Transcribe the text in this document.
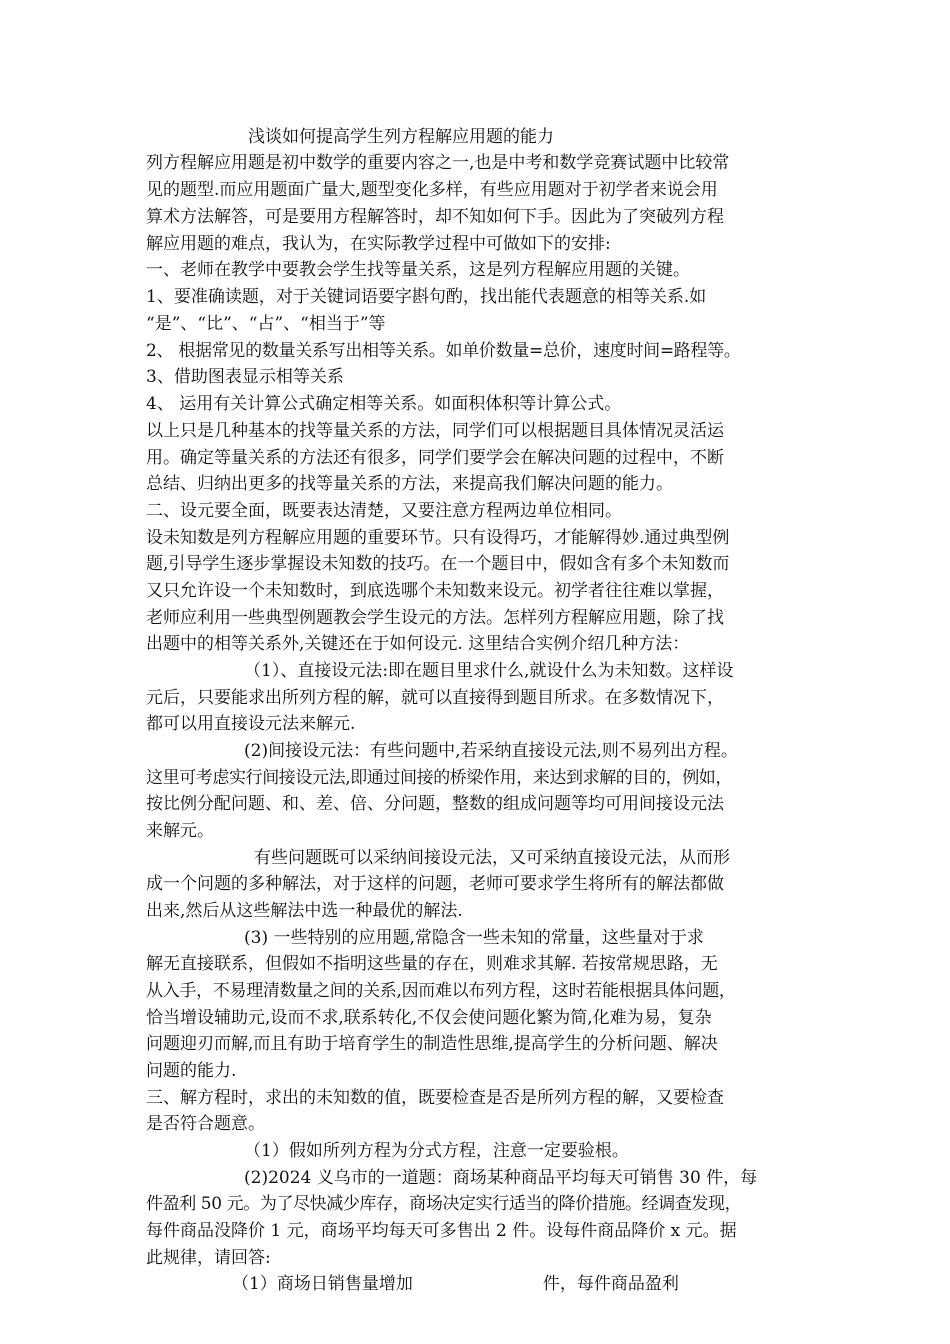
浅谈如何提高学生列方程解应用题的能力
列方程解应用题是初中数学的重要内容之一,也是中考和数学竞赛试题中比较常
见的题型.而应用题面广量大,题型变化多样，有些应用题对于初学者来说会用
算术方法解答，可是要用方程解答时，却不知如何下手。因此为了突破列方程
解应用题的难点，我认为，在实际教学过程中可做如下的安排:
一、老师在教学中要教会学生找等量关系，这是列方程解应用题的关键。
1、要准确读题，对于关键词语要字斟句酌，找出能代表题意的相等关系.如
“是”、“比”、“占”、“相当于”等
2、 根据常见的数量关系写出相等关系。如单价数量=总价，速度时间=路程等。
3、借助图表显示相等关系
4、 运用有关计算公式确定相等关系。如面积体积等计算公式。
以上只是几种基本的找等量关系的方法，同学们可以根据题目具体情况灵活运
用。确定等量关系的方法还有很多，同学们要学会在解决问题的过程中，不断
总结、归纳出更多的找等量关系的方法，来提高我们解决问题的能力。
二、设元要全面，既要表达清楚，又要注意方程两边单位相同。
设未知数是列方程解应用题的重要环节。只有设得巧，才能解得妙.通过典型例
题,引导学生逐步掌握设未知数的技巧。在一个题目中，假如含有多个未知数而
又只允许设一个未知数时，到底选哪个未知数来设元。初学者往往难以掌握，
老师应利用一些典型例题教会学生设元的方法。怎样列方程解应用题，除了找
出题中的相等关系外,关键还在于如何设元. 这里结合实例介绍几种方法：
（1）、直接设元法:即在题目里求什么,就设什么为未知数。这样设
元后，只要能求出所列方程的解，就可以直接得到题目所求。在多数情况下，
都可以用直接设元法来解元.
(2)间接设元法：有些问题中,若采纳直接设元法,则不易列出方程。
这里可考虑实行间接设元法,即通过间接的桥梁作用，来达到求解的目的，例如，
按比例分配问题、和、差、倍、分问题，整数的组成问题等均可用间接设元法
来解元。
有些问题既可以采纳间接设元法，又可采纳直接设元法，从而形
成一个问题的多种解法，对于这样的问题，老师可要求学生将所有的解法都做
出来,然后从这些解法中选一种最优的解法.
(3) 一些特别的应用题,常隐含一些未知的常量，这些量对于求
解无直接联系，但假如不指明这些量的存在，则难求其解. 若按常规思路，无
从入手，不易理清数量之间的关系,因而难以布列方程，这时若能根据具体问题，
恰当增设辅助元,设而不求,联系转化,不仅会使问题化繁为简,化难为易，复杂
问题迎刃而解,而且有助于培育学生的制造性思维,提高学生的分析问题、解决
问题的能力.
三、解方程时，求出的未知数的值，既要检查是否是所列方程的解，又要检查
是否符合题意。
（1）假如所列方程为分式方程，注意一定要验根。
(2)2024 义乌市的一道题：商场某种商品平均每天可销售 30 件，每
件盈利 50 元。为了尽快减少库存，商场决定实行适当的降价措施。经调查发现，
每件商品没降价 1 元，商场平均每天可多售出 2 件。设每件商品降价 x 元。据
此规律，请回答:
（1）商场日销售量增加	件，每件商品盈利
